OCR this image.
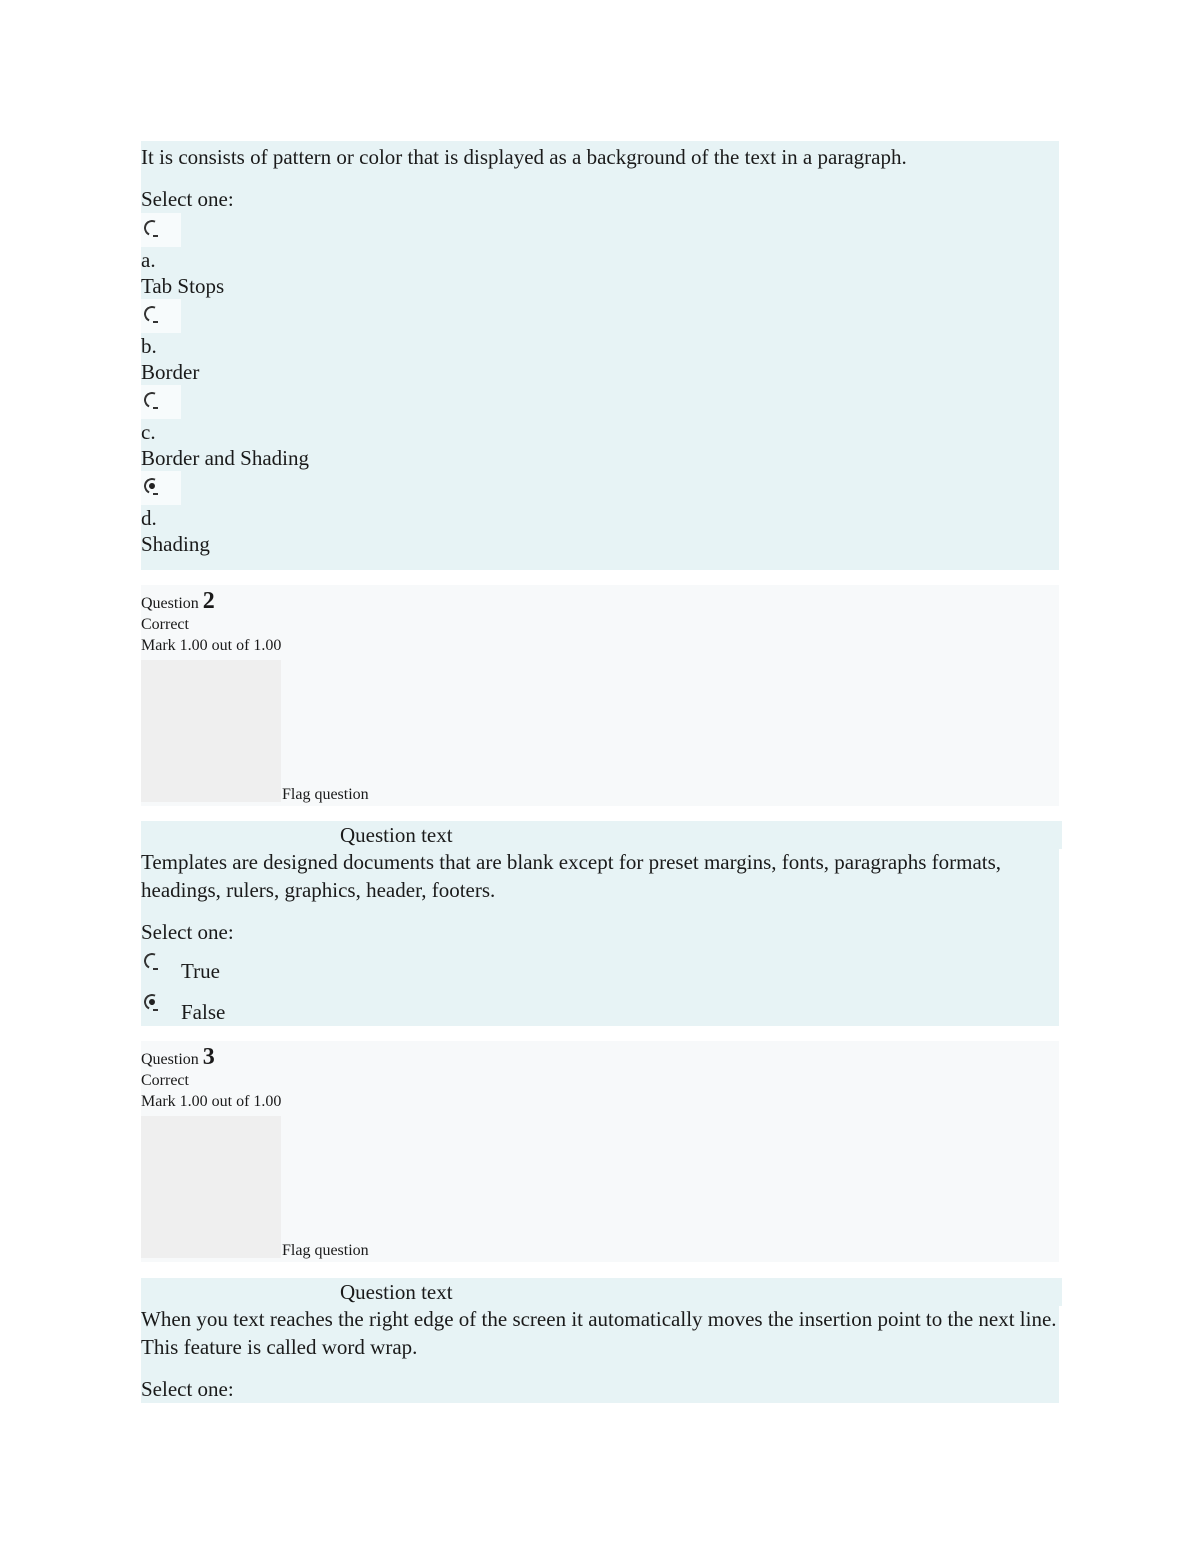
It is consists of pattern or color that is displayed as a background of the text in a paragraph.

Select one:
a.
Tab Stops
b.
Border
c.
Border and Shading
d.
Shading
Question 2
Correct
Mark 1.00 out of 1.00
Flag question
Question text

Templates are designed documents that are blank except for preset margins, fonts, paragraphs formats, headings, rulers, graphics, header, footers.

Select one:
True
False
Question 3
Correct
Mark 1.00 out of 1.00
Flag question
Question text

When you text reaches the right edge of the screen it automatically moves the insertion point to the next line. This feature is called word wrap.

Select one:
